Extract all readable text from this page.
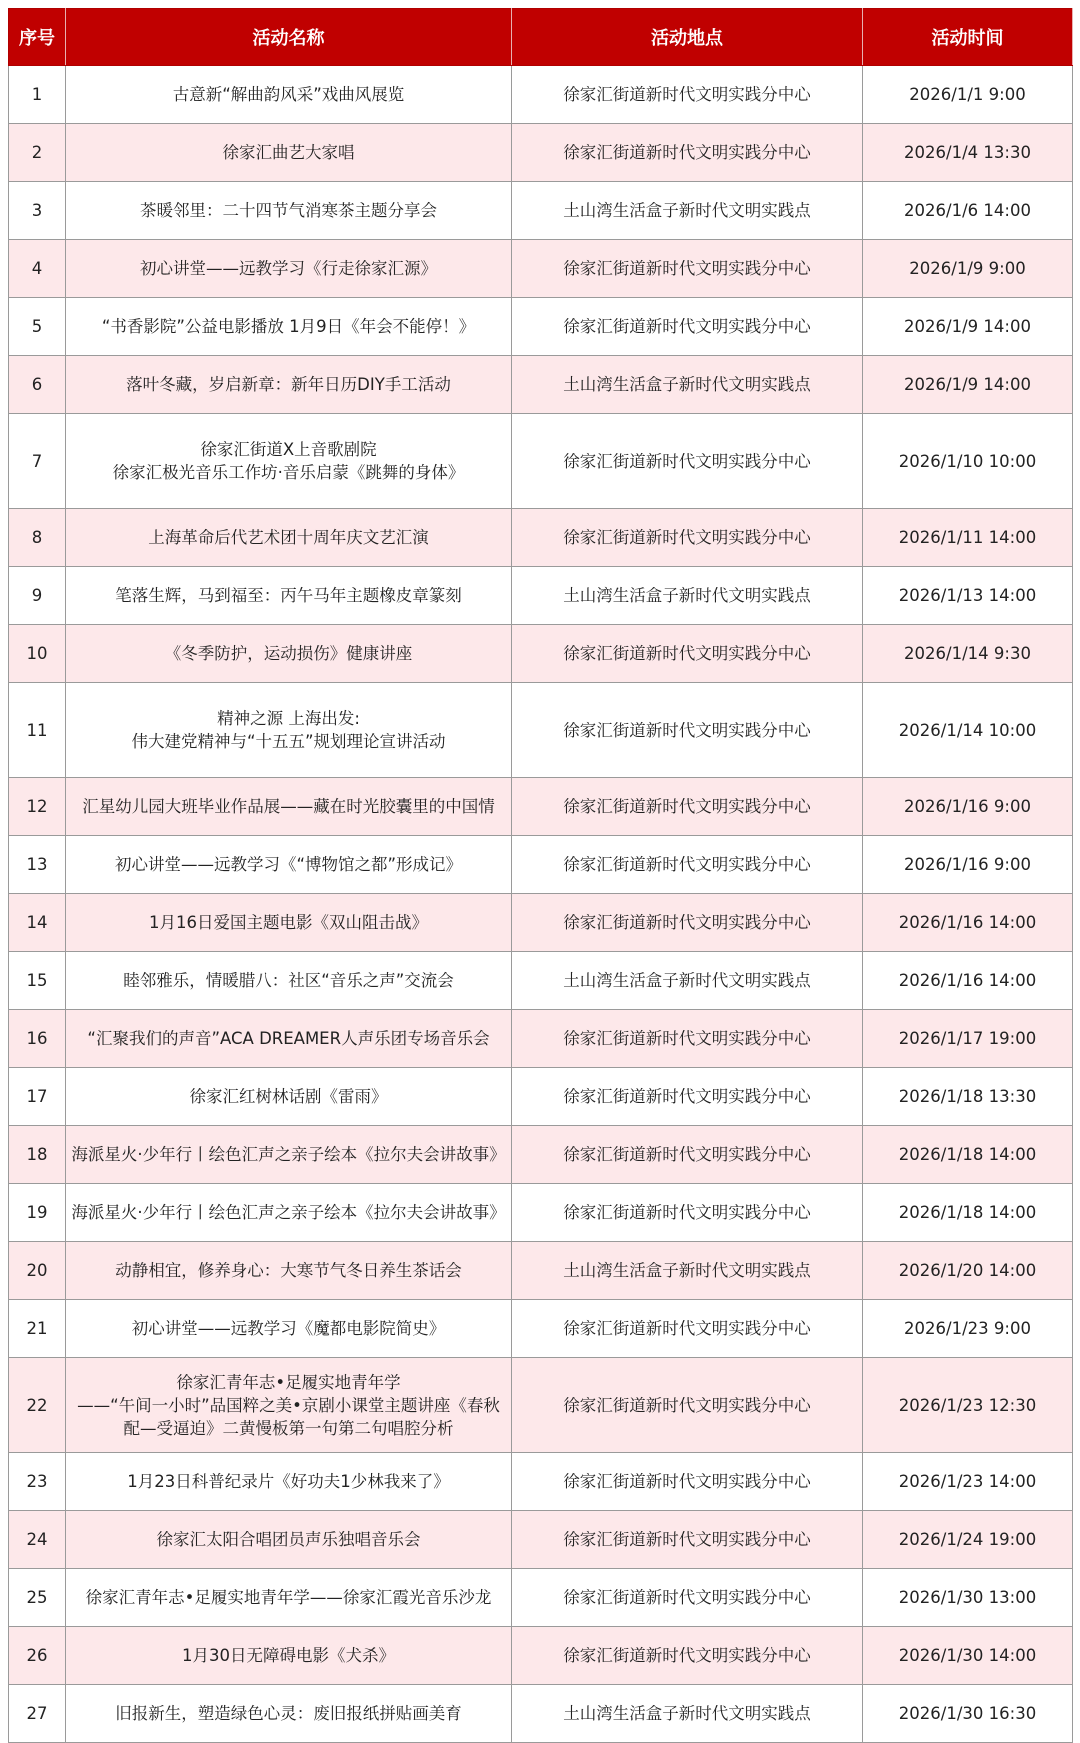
序号	活动名称	活动地点	活动时间
1	古意新“解曲韵风采”戏曲风展览	徐家汇街道新时代文明实践分中心	2026/1/1 9:00
2	徐家汇曲艺大家唱	徐家汇街道新时代文明实践分中心	2026/1/4 13:30
3	茶暖邻里：二十四节气消寒茶主题分享会	土山湾生活盒子新时代文明实践点	2026/1/6 14:00
4	初心讲堂——远教学习《行走徐家汇源》	徐家汇街道新时代文明实践分中心	2026/1/9 9:00
5	“书香影院”公益电影播放 1月9日《年会不能停！》	徐家汇街道新时代文明实践分中心	2026/1/9 14:00
6	落叶冬藏，岁启新章：新年日历DIY手工活动	土山湾生活盒子新时代文明实践点	2026/1/9 14:00
7	徐家汇街道X上音歌剧院
徐家汇极光音乐工作坊·音乐启蒙《跳舞的身体》	徐家汇街道新时代文明实践分中心	2026/1/10 10:00
8	上海革命后代艺术团十周年庆文艺汇演	徐家汇街道新时代文明实践分中心	2026/1/11 14:00
9	笔落生辉，马到福至：丙午马年主题橡皮章篆刻	土山湾生活盒子新时代文明实践点	2026/1/13 14:00
10	《冬季防护，运动损伤》健康讲座	徐家汇街道新时代文明实践分中心	2026/1/14 9:30
11	精神之源 上海出发:
伟大建党精神与“十五五”规划理论宣讲活动	徐家汇街道新时代文明实践分中心	2026/1/14 10:00
12	汇星幼儿园大班毕业作品展——藏在时光胶囊里的中国情	徐家汇街道新时代文明实践分中心	2026/1/16 9:00
13	初心讲堂——远教学习《“博物馆之都”形成记》	徐家汇街道新时代文明实践分中心	2026/1/16 9:00
14	1月16日爱国主题电影《双山阻击战》	徐家汇街道新时代文明实践分中心	2026/1/16 14:00
15	睦邻雅乐，情暖腊八：社区“音乐之声”交流会	土山湾生活盒子新时代文明实践点	2026/1/16 14:00
16	“汇聚我们的声音”ACA DREAMER人声乐团专场音乐会	徐家汇街道新时代文明实践分中心	2026/1/17 19:00
17	徐家汇红树林话剧《雷雨》	徐家汇街道新时代文明实践分中心	2026/1/18 13:30
18	海派星火·少年行丨绘色汇声之亲子绘本《拉尔夫会讲故事》	徐家汇街道新时代文明实践分中心	2026/1/18 14:00
19	海派星火·少年行丨绘色汇声之亲子绘本《拉尔夫会讲故事》	徐家汇街道新时代文明实践分中心	2026/1/18 14:00
20	动静相宜，修养身心：大寒节气冬日养生茶话会	土山湾生活盒子新时代文明实践点	2026/1/20 14:00
21	初心讲堂——远教学习《魔都电影院简史》	徐家汇街道新时代文明实践分中心	2026/1/23 9:00
22	徐家汇青年志•足履实地青年学
——“午间一小时”品国粹之美•京剧小课堂主题讲座《春秋配—受逼迫》二黄慢板第一句第二句唱腔分析	徐家汇街道新时代文明实践分中心	2026/1/23 12:30
23	1月23日科普纪录片《好功夫1少林我来了》	徐家汇街道新时代文明实践分中心	2026/1/23 14:00
24	徐家汇太阳合唱团员声乐独唱音乐会	徐家汇街道新时代文明实践分中心	2026/1/24 19:00
25	徐家汇青年志•足履实地青年学——徐家汇霞光音乐沙龙	徐家汇街道新时代文明实践分中心	2026/1/30 13:00
26	1月30日无障碍电影《犬杀》	徐家汇街道新时代文明实践分中心	2026/1/30 14:00
27	旧报新生，塑造绿色心灵：废旧报纸拼贴画美育	土山湾生活盒子新时代文明实践点	2026/1/30 16:30
